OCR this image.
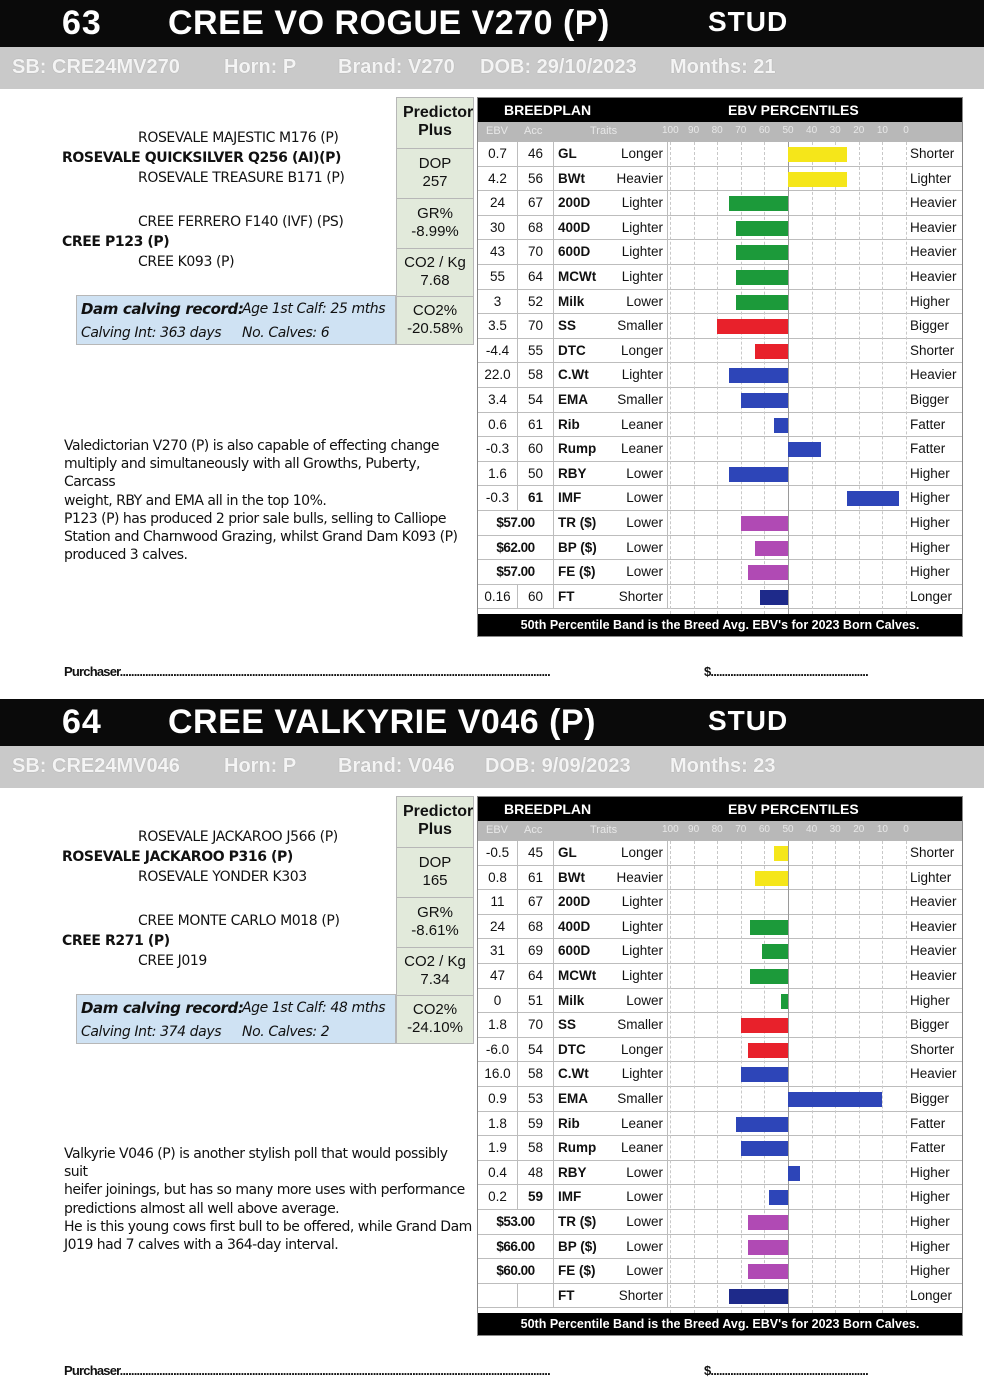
63 CREE VO ROGUE V270 (P)	STUD
SB: CRE24MV270 Horn: P Brand: V270 DOB: 29/10/2023 Months: 21
ROSEVALE MAJESTIC M176 (P)
ROSEVALE QUICKSILVER Q256 (AI)(P)
ROSEVALE TREASURE B171 (P)
CREE FERRERO F140 (IVF) (PS)
CREE P123 (P)
CREE K093 (P)
Dam calving record:
Age 1st Calf: 25 mths
Calving Int: 363 days No. Calves: 6
Predictor Plus
DOP
257
GR%
-8.99%
CO2 / Kg
7.68
CO2%
-20.58%
Valedictorian V270 (P) is also capable of effecting change
multiply and simultaneously with all Growths, Puberty, Carcass
weight, RBY and EMA all in the top 10%.
P123 (P) has produced 2 prior sale bulls, selling to Calliope
Station and Charnwood Grazing, whilst Grand Dam K093 (P)
produced 3 calves.
BREEDPLAN	EBV PERCENTILES
EBV Acc	Traits	100 90 80 70 60 50 40 30 20 10	0
0.7	46	GL	Longer	Shorter
4.2	56	BWt	Heavier	Lighter
24	67	200D	Lighter	Heavier
30	68	400D	Lighter	Heavier
43	70	600D	Lighter	Heavier
55	64	MCWt	Lighter	Heavier
3	52	Milk	Lower	Higher
3.5	70	SS	Smaller	Bigger
-4.4	55	DTC	Longer	Shorter
22.0	58	C.Wt	Lighter	Heavier
3.4	54	EMA	Smaller	Bigger
0.6	61	Rib	Leaner	Fatter
-0.3	60	Rump	Leaner	Fatter
1.6	50	RBY	Lower	Higher
-0.3	61	IMF	Lower	Higher
$57.00	TR ($)	Lower	Higher
$62.00	BP ($)	Lower	Higher
$57.00	FE ($)	Lower	Higher
0.16	60	FT	Shorter	Longer
50th Percentile Band is the Breed Avg. EBV's for 2023 Born Calves.
Purchaser.........................................................................................................................................................	$........................................................
64 CREE VALKYRIE V046 (P)	STUD
SB: CRE24MV046 Horn: P Brand: V046 DOB: 9/09/2023 Months: 23
ROSEVALE JACKAROO J566 (P)
ROSEVALE JACKAROO P316 (P)
ROSEVALE YONDER K303
CREE MONTE CARLO M018 (P)
CREE R271 (P)
CREE J019
Dam calving record:
Age 1st Calf: 48 mths
Calving Int: 374 days No. Calves: 2
Predictor Plus
DOP
165
GR%
-8.61%
CO2 / Kg
7.34
CO2%
-24.10%
Valkyrie V046 (P) is another stylish poll that would possibly suit
heifer joinings, but has so many more uses with performance
predictions almost all well above average.
He is this young cows first bull to be offered, while Grand Dam
J019 had 7 calves with a 364-day interval.
BREEDPLAN	EBV PERCENTILES
EBV Acc	Traits	100 90 80 70 60 50 40 30 20 10	0
-0.5	45	GL	Longer	Shorter
0.8	61	BWt	Heavier	Lighter
11	67	200D	Lighter	Heavier
24	68	400D	Lighter	Heavier
31	69	600D	Lighter	Heavier
47	64	MCWt	Lighter	Heavier
0	51	Milk	Lower	Higher
1.8	70	SS	Smaller	Bigger
-6.0	54	DTC	Longer	Shorter
16.0	58	C.Wt	Lighter	Heavier
0.9	53	EMA	Smaller	Bigger
1.8	59	Rib	Leaner	Fatter
1.9	58	Rump	Leaner	Fatter
0.4	48	RBY	Lower	Higher
0.2	59	IMF	Lower	Higher
$53.00	TR ($)	Lower	Higher
$66.00	BP ($)	Lower	Higher
$60.00	FE ($)	Lower	Higher
FT	Shorter	Longer
50th Percentile Band is the Breed Avg. EBV's for 2023 Born Calves.
Purchaser.........................................................................................................................................................	$........................................................
